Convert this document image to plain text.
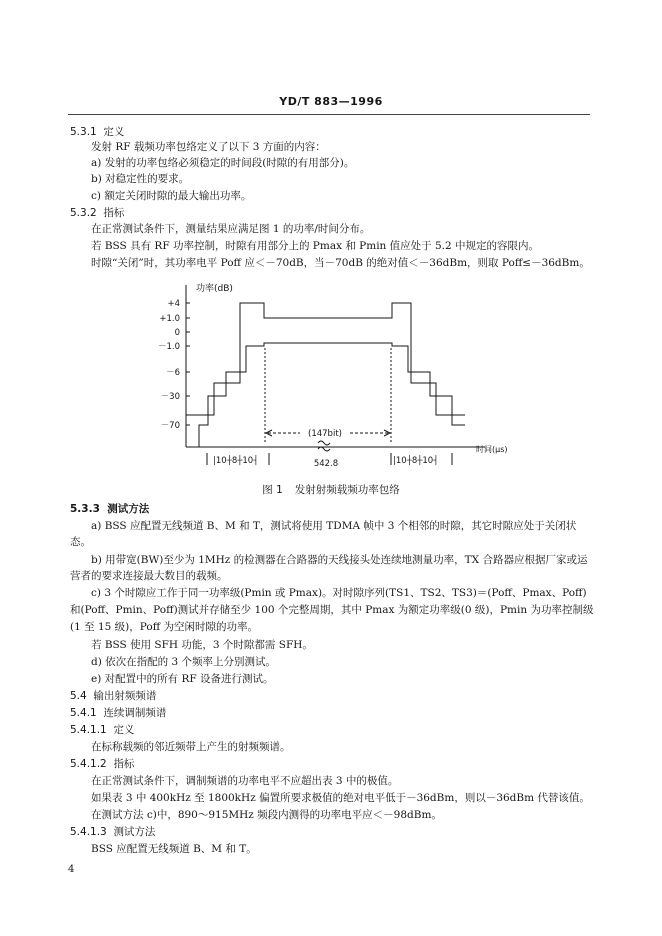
YD/T 883—1996
5.3.1 定义
发射 RF 载频功率包络定义了以下 3 方面的内容：
a) 发射的功率包络必须稳定的时间段(时隙的有用部分)。
b) 对稳定性的要求。
c) 额定关闭时隙的最大输出功率。
5.3.2 指标
在正常测试条件下，测量结果应满足图 1 的功率/时间分布。
若 BSS 具有 RF 功率控制，时隙有用部分上的 Pmax 和 Pmin 值应处于 5.2 中规定的容限内。
时隙“关闭”时，其功率电平 Poff 应＜－70dB，当－70dB 的绝对值＜－36dBm，则取 Poff≤－36dBm。
功率(dB)
+4
+1.0
0
－1.0
－6
－30
－70
(147bit)
时间(μs)
|10┼8┼10┤	542.8	|10┼8┼10┤
图 1 发射射频载频功率包络
5.3.3 测试方法
a) BSS 应配置无线频道 B、M 和 T，测试将使用 TDMA 帧中 3 个相邻的时隙，其它时隙应处于关闭状态。
b) 用带宽(BW)至少为 1MHz 的检测器在合路器的天线接头处连续地测量功率，TX 合路器应根据厂家或运营者的要求连接最大数目的载频。
c) 3 个时隙应工作于同一功率级(Pmin 或 Pmax)。对时隙序列(TS1、TS2、TS3)＝(Poff、Pmax、Poff)和(Poff、Pmin、Poff)测试并存储至少 100 个完整周期，其中 Pmax 为额定功率级(0 级)，Pmin 为功率控制级(1 至 15 级)，Poff 为空闲时隙的功率。
若 BSS 使用 SFH 功能，3 个时隙都需 SFH。
d) 依次在指配的 3 个频率上分别测试。
e) 对配置中的所有 RF 设备进行测试。
5.4 输出射频频谱
5.4.1 连续调制频谱
5.4.1.1 定义
在标称载频的邻近频带上产生的射频频谱。
5.4.1.2 指标
在正常测试条件下，调制频谱的功率电平不应超出表 3 中的极值。
如果表 3 中 400kHz 至 1800kHz 偏置所要求极值的绝对电平低于－36dBm，则以－36dBm 代替该值。
在测试方法 c)中，890～915MHz 频段内测得的功率电平应＜－98dBm。
5.4.1.3 测试方法
BSS 应配置无线频道 B、M 和 T。
4
